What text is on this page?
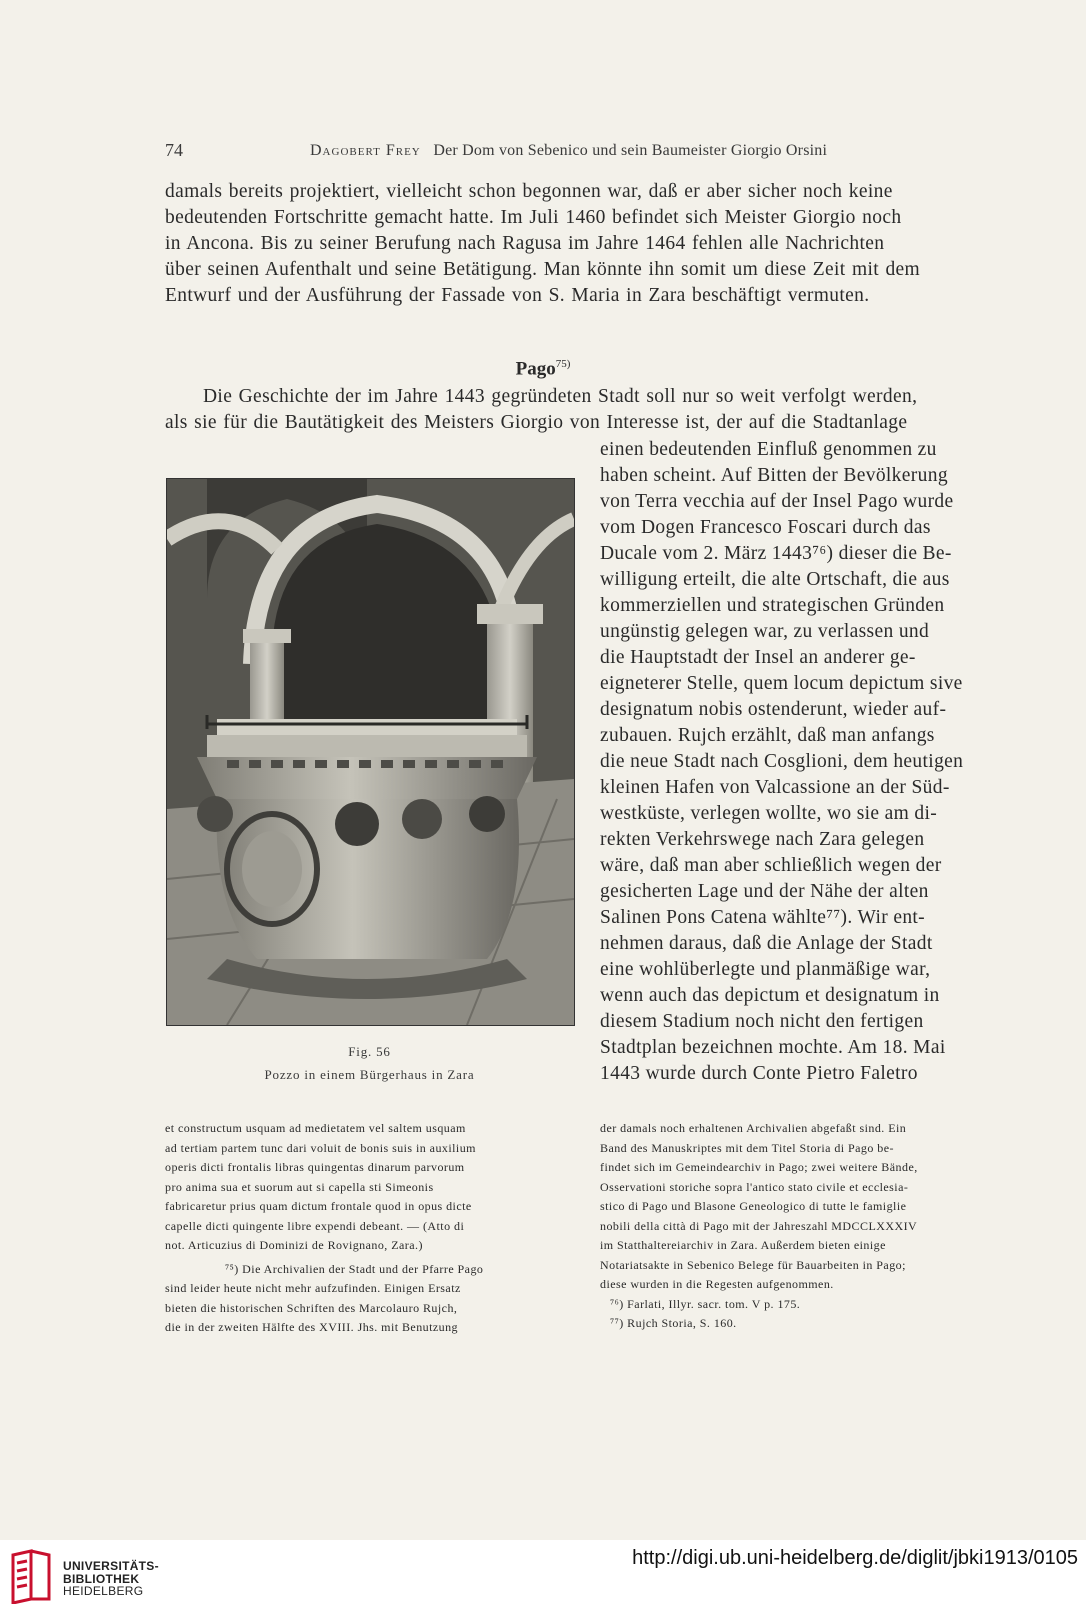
74	Dagobert Frey Der Dom von Sebenico und sein Baumeister Giorgio Orsini

damals bereits projektiert, vielleicht schon begonnen war, daß er aber sicher noch keine

bedeutenden Fortschritte gemacht hatte. Im Juli 1460 befindet sich Meister Giorgio noch

in Ancona. Bis zu seiner Berufung nach Ragusa im Jahre 1464 fehlen alle Nachrichten

über seinen Aufenthalt und seine Betätigung. Man könnte ihn somit um diese Zeit mit dem

Entwurf und der Ausführung der Fassade von S. Maria in Zara beschäftigt vermuten.

Pago$^{75)}$

Die Geschichte der im Jahre 1443 gegründeten Stadt soll nur so weit verfolgt werden,

als sie für die Bautätigkeit des Meisters Giorgio von Interesse ist, der auf die Stadtanlage

einen bedeutenden Einfluß genommen zu

haben scheint. Auf Bitten der Bevölkerung

von Terra vecchia auf der Insel Pago wurde

vom Dogen Francesco Foscari durch das

Ducale vom 2. März 1443⁷⁶) dieser die Be-

willigung erteilt, die alte Ortschaft, die aus

kommerziellen und strategischen Gründen

ungünstig gelegen war, zu verlassen und

die Hauptstadt der Insel an anderer ge-

eigneterer Stelle, quem locum depictum sive

designatum nobis ostenderunt, wieder auf-

zubauen. Rujch erzählt, daß man anfangs

die neue Stadt nach Cosglioni, dem heutigen

kleinen Hafen von Valcassione an der Süd-

westküste, verlegen wollte, wo sie am di-

rekten Verkehrswege nach Zara gelegen

wäre, daß man aber schließlich wegen der

gesicherten Lage und der Nähe der alten

Salinen Pons Catena wählte⁷⁷). Wir ent-

nehmen daraus, daß die Anlage der Stadt

eine wohlüberlegte und planmäßige war,

wenn auch das depictum et designatum in

diesem Stadium noch nicht den fertigen

Stadtplan bezeichnen mochte. Am 18. Mai

1443 wurde durch Conte Pietro Faletro

Fig. 56
Pozzo in einem Bürgerhaus in Zara

et constructum usquam ad medietatem vel saltem usquam

ad tertiam partem tunc dari voluit de bonis suis in auxilium

operis dicti frontalis libras quingentas dinarum parvorum

pro anima sua et suorum aut si capella sti Simeonis

fabricaretur prius quam dictum frontale quod in opus dicte

capelle dicti quingente libre expendi debeant. — (Atto di

not. Articuzius di Dominizi de Rovignano, Zara.)

⁷⁵) Die Archivalien der Stadt und der Pfarre Pago

sind leider heute nicht mehr aufzufinden. Einigen Ersatz

bieten die historischen Schriften des Marcolauro Rujch,

die in der zweiten Hälfte des XVIII. Jhs. mit Benutzung

der damals noch erhaltenen Archivalien abgefaßt sind. Ein

Band des Manuskriptes mit dem Titel Storia di Pago be-

findet sich im Gemeindearchiv in Pago; zwei weitere Bände,

Osservationi storiche sopra l'antico stato civile et ecclesia-

stico di Pago und Blasone Geneologico di tutte le famiglie

nobili della città di Pago mit der Jahreszahl MDCCLXXXIV

im Statthaltereiarchiv in Zara. Außerdem bieten einige

Notariatsakte in Sebenico Belege für Bauarbeiten in Pago;

diese wurden in die Regesten aufgenommen.

⁷⁶) Farlati, Illyr. sacr. tom. V p. 175.

⁷⁷) Rujch Storia, S. 160.

UNIVERSITÄTS-
BIBLIOTHEK
HEIDELBERG
http://digi.ub.uni-heidelberg.de/diglit/jbki1913/0105
